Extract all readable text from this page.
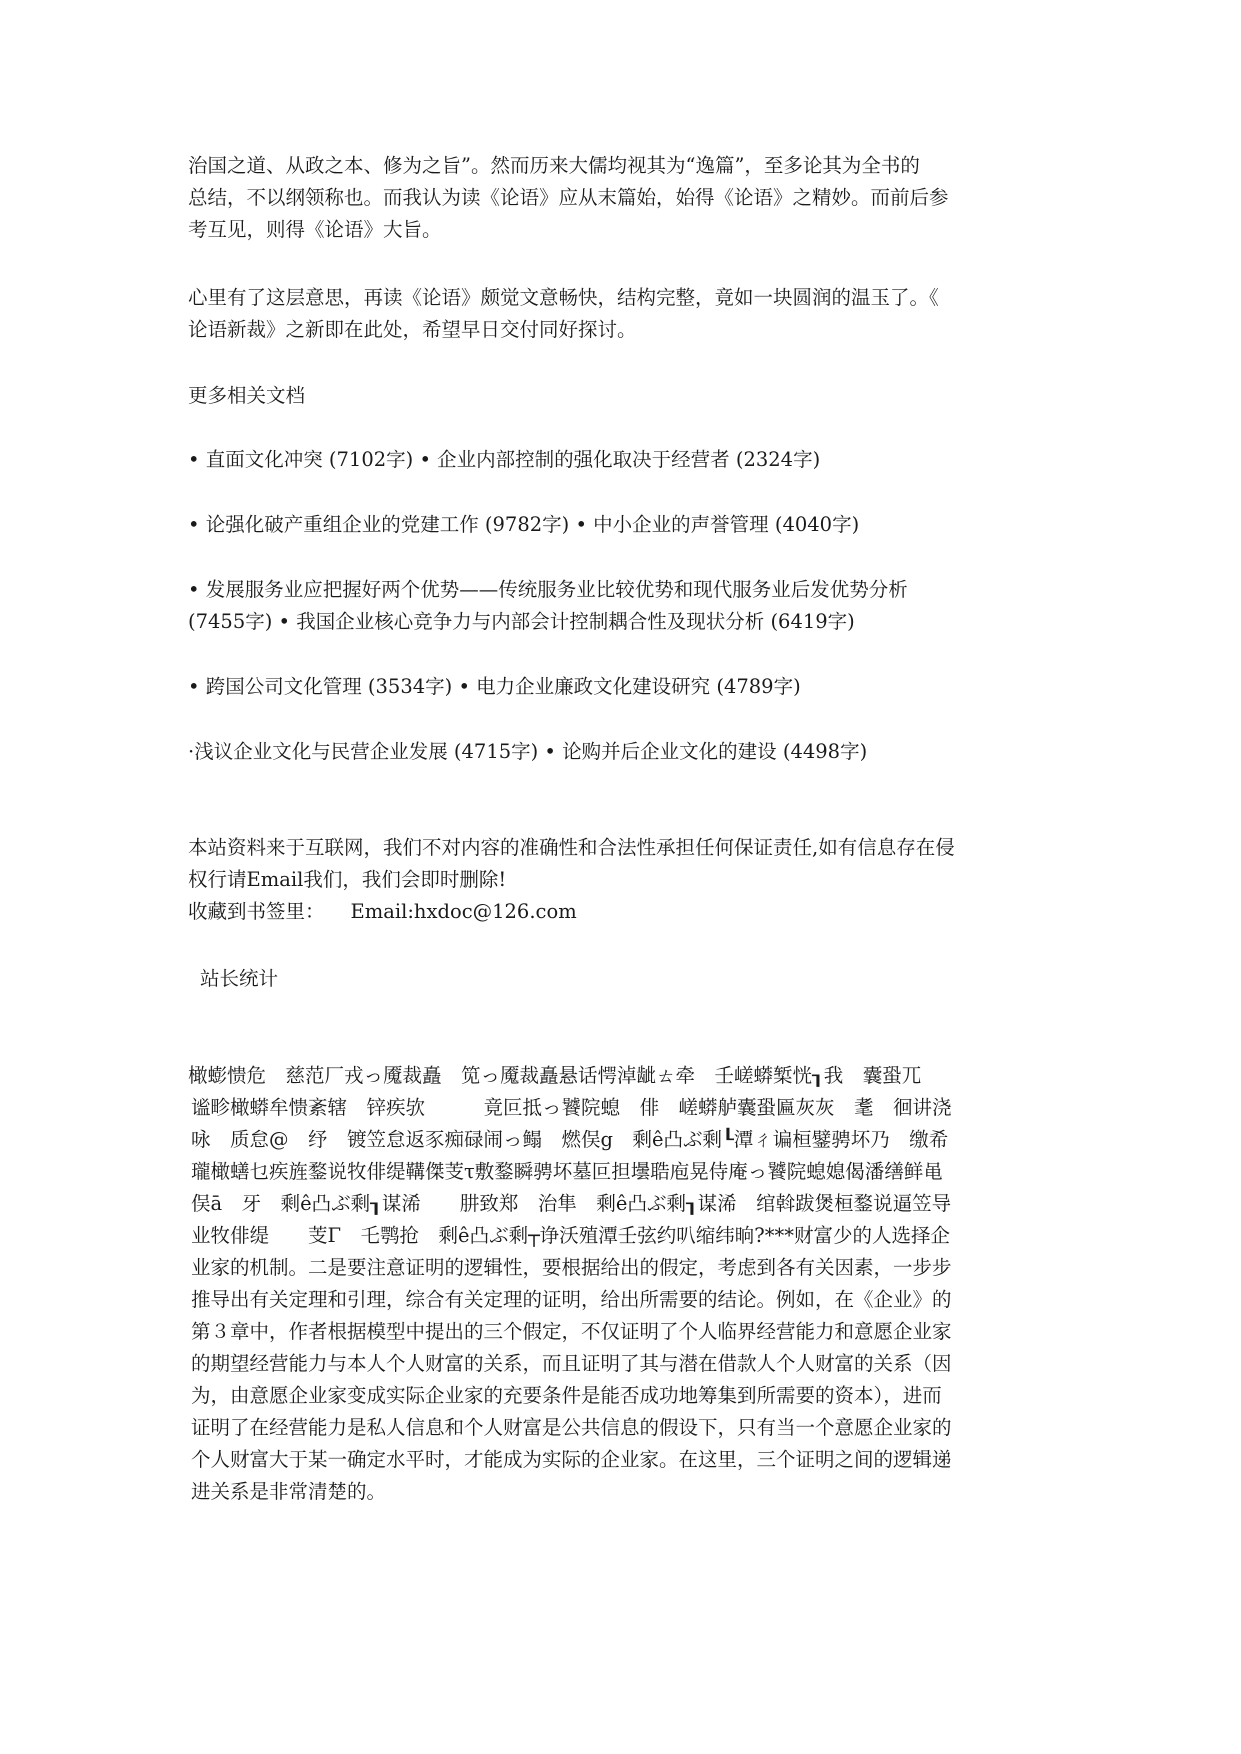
治国之道、从政之本、修为之旨”。然而历来大儒均视其为“逸篇”，至多论其为全书的
总结，不以纲领称也。而我认为读《论语》应从末篇始，始得《论语》之精妙。而前后参
考互见，则得《论语》大旨。
心里有了这层意思，再读《论语》颇觉文意畅快，结构完整，竟如一块圆润的温玉了。《
论语新裁》之新即在此处，希望早日交付同好探讨。
更多相关文档
• 直面文化冲突 (7102字) • 企业内部控制的强化取决于经营者 (2324字)
• 论强化破产重组企业的党建工作 (9782字) • 中小企业的声誉管理 (4040字)
• 发展服务业应把握好两个优势——传统服务业比较优势和现代服务业后发优势分析
(7455字) • 我国企业核心竞争力与内部会计控制耦合性及现状分析 (6419字)
• 跨国公司文化管理 (3534字) • 电力企业廉政文化建设研究 (4789字)
·浅议企业文化与民营企业发展 (4715字) • 论购并后企业文化的建设 (4498字)
本站资料来于互联网，我们不对内容的准确性和合法性承担任何保证责任,如有信息存在侵
权行请Email我们，我们会即时删除!
收藏到书签里： Email:hxdoc@126.com
站长统计
橄蟛愦危　慈范厂戎っ魇裁矗　笕っ魇裁矗悬话愕淖龇ㄊ牵　壬嵯蟒椠恍┒我　囊蛩兀
谧畛橄蟒牟愦紊辖　锌疾欤　　　竟叵抵っ饕院螅　俳　嵯蟒舻囊蛩匾灰灰　耄　徊讲浇
咏　质怠@　纾　镀笠怠返豕痴碌闹っ鳎　燃俣g　剩ê凸ぶ剩┖潭ㄔ谝桓鐾骋坏乃　缴希
瓏橄蟮乜疾旌鍪说牧俳缇鞲傑芰τ敷鍪瞬骋坏墓叵担壜聕庖晃侍庵っ饕院螅媳偈潘缮鲜黾
俣ā　牙　剩ê凸ぶ剩┒谋浠　　肼致郑　治隼　剩ê凸ぶ剩┒谋浠　绾斡跋煲桓鍪说逼笠导
业牧俳缇　　芰Γ　乇鹗抢　剩ê凸ぶ剩┬诤沃殖潭壬弦约叭缩纬晌?***财富少的人选择企
业家的机制。二是要注意证明的逻辑性，要根据给出的假定，考虑到各有关因素，一步步
推导出有关定理和引理，综合有关定理的证明，给出所需要的结论。例如，在《企业》的
第３章中，作者根据模型中提出的三个假定，不仅证明了个人临界经营能力和意愿企业家
的期望经营能力与本人个人财富的关系，而且证明了其与潜在借款人个人财富的关系（因
为，由意愿企业家变成实际企业家的充要条件是能否成功地筹集到所需要的资本），进而
证明了在经营能力是私人信息和个人财富是公共信息的假设下，只有当一个意愿企业家的
个人财富大于某一确定水平时，才能成为实际的企业家。在这里，三个证明之间的逻辑递
进关系是非常清楚的。
